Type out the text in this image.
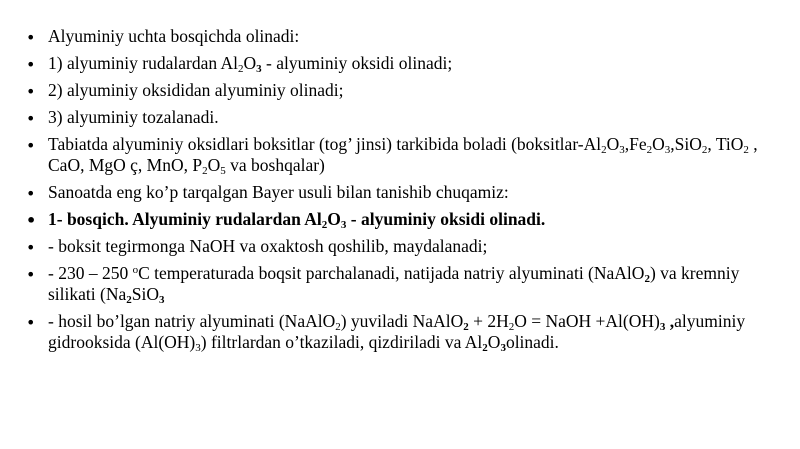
• Alyuminiy uchta bosqichda olinadi:
• 1) alyuminiy rudalardan $Al_2O_3$ - alyuminiy oksidi olinadi;
• 2) alyuminiy oksididan alyuminiy olinadi;
• 3) alyuminiy tozalanadi.
• Tabiatda alyuminiy oksidlari boksitlar (tog’ jinsi) tarkibida boladi ($boksitlar-Al_2O_3,Fe_2O_3,SiO_2$, TiO$_2$ , CaO, MgO ç, MnO, $P_2O_5$ va boshqalar)
• Sanoatda eng ko’p tarqalgan Bayer usuli bilan tanishib chuqamiz:
• 1- bosqich. Alyuminiy rudalardan $Al_2O_3$ - alyuminiy oksidi olinadi.
• - boksit tegirmonga NaOH va oxaktosh qoshilib, maydalanadi;
• - 230 – 250 $^o$C temperaturada boqsit parchalanadi, natijada natriy alyuminati (NaAlO$_2$) va kremniy silikati ($Na_2SiO_3$
• - hosil bo’lgan natriy alyuminati (NaAlO$_2$) yuviladi NaAlO$_2$ + $2H_2O$ = NaOH $+Al(OH)_3$ ,alyuminiy gidrooksida $(Al(OH)_3)$ filtrlardan o’tkaziladi, qizdiriladi va $Al_2O_3olinadi$.
